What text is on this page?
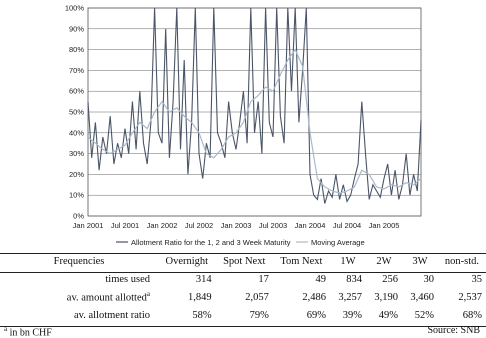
0%
10%
20%
30%
40%
50%
60%
70%
80%
90%
100%
Jan 2001 Jul 2001 Jan 2002 Jul 2002 Jan 2003 Jul 2003 Jan 2004 Jul 2004 Jan 2005
Allotment Ratio for the 1, 2 and 3 Week Maturity	Moving Average
Frequencies	Overnight	Spot Next	Tom Next	1W	2W	3W	non-std.
times used	314	17	49	834	256	30	35
av. amount allotted$^a$	1,849	2,057	2,486	3,257	3,190	3,460	2,537
av. allotment ratio	58%	79%	69%	39%	49%	52%	68%
$^a$ in bn CHF	Source: SNB
